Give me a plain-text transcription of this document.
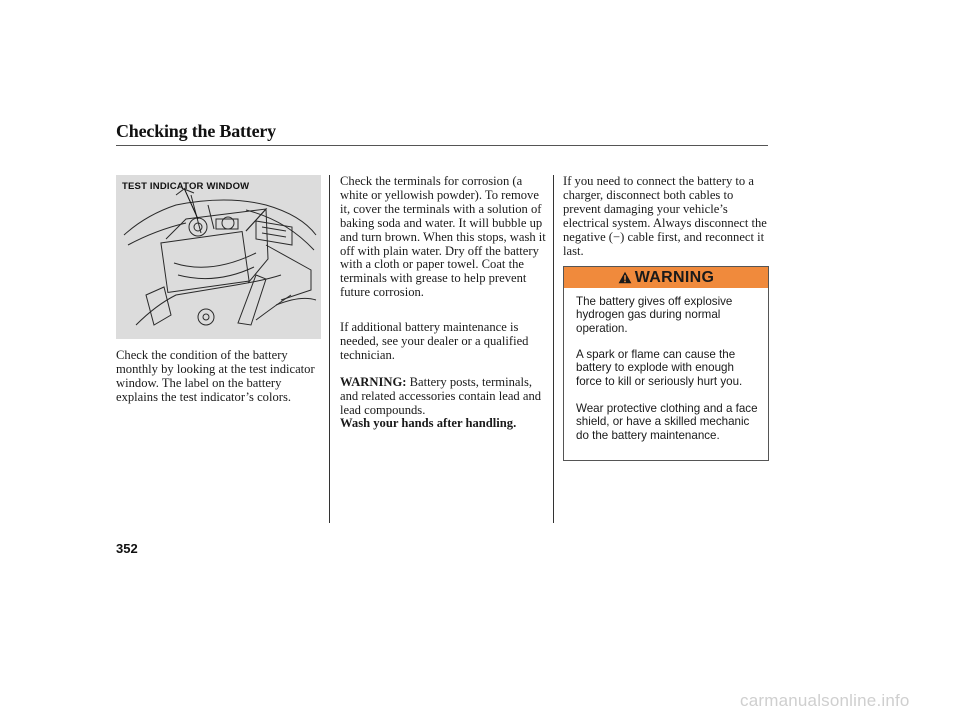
Checking the Battery
TEST INDICATOR WINDOW

Check the condition of the battery monthly by looking at the test indicator window. The label on the battery explains the test indicator’s colors.

Check the terminals for corrosion (a white or yellowish powder). To remove it, cover the terminals with a solution of baking soda and water. It will bubble up and turn brown. When this stops, wash it off with plain water. Dry off the battery with a cloth or paper towel. Coat the terminals with grease to help prevent future corrosion.

If additional battery maintenance is needed, see your dealer or a qualified technician.

WARNING: Battery posts, terminals, and related accessories contain lead and lead compounds.

Wash your hands after handling.

If you need to connect the battery to a charger, disconnect both cables to prevent damaging your vehicle’s electrical system. Always disconnect the negative (−) cable first, and reconnect it last.

WARNING

The battery gives off explosive hydrogen gas during normal operation.

A spark or flame can cause the battery to explode with enough force to kill or seriously hurt you.

Wear protective clothing and a face shield, or have a skilled mechanic do the battery maintenance.

352
carmanualsonline.info
